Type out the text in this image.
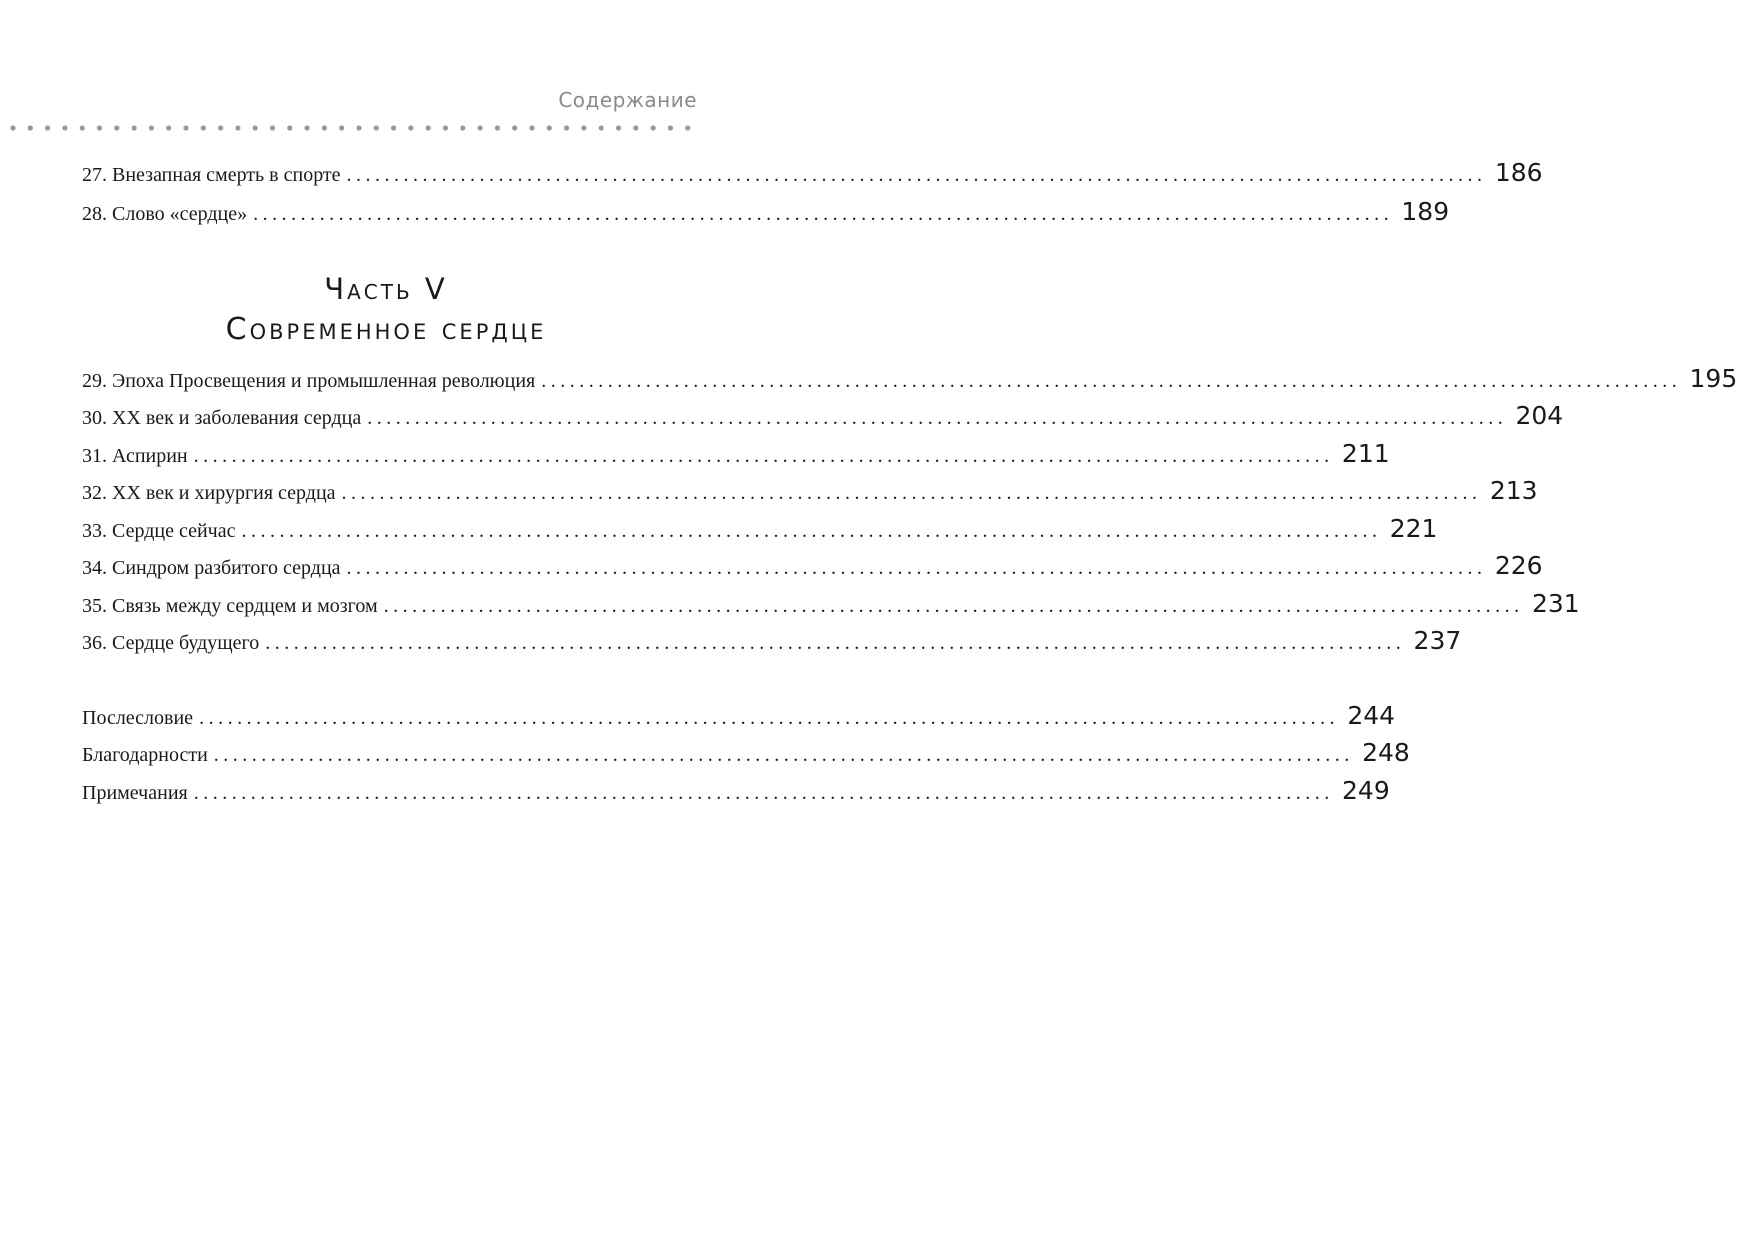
Содержание
27. Внезапная смерть в спорте ........................................................................................................................ 186
28. Слово «сердце» ........................................................................................................................ 189
Часть V
Современное сердце
29. Эпоха Просвещения и промышленная революция ........................................................................................................................ 195
30. XX век и заболевания сердца ........................................................................................................................ 204
31. Аспирин ........................................................................................................................ 211
32. XX век и хирургия сердца ........................................................................................................................ 213
33. Сердце сейчас ........................................................................................................................ 221
34. Синдром разбитого сердца ........................................................................................................................ 226
35. Связь между сердцем и мозгом ........................................................................................................................ 231
36. Сердце будущего ........................................................................................................................ 237
Послесловие ........................................................................................................................ 244
Благодарности ........................................................................................................................ 248
Примечания ........................................................................................................................ 249
